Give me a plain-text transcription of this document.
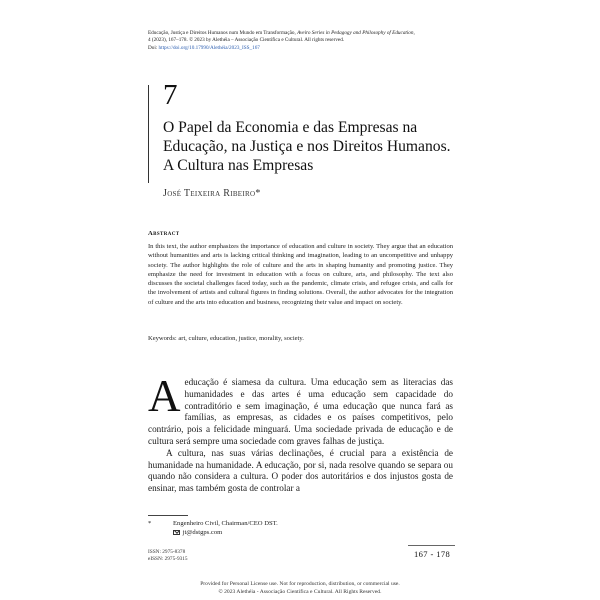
Educação, Justiça e Direitos Humanos num Mundo em Transformação, Aveiro Series in Pedagogy and Philosophy of Education,
4 (2023), 167–178. © 2023 by Alethéia – Associação Científica e Cultural. All rights reserved.
Doi: https://doi.org/10.17990/Alethéia/2023_ISS_167
7
O Papel da Economia e das Empresas na Educação, na Justiça e nos Direitos Humanos. A Cultura nas Empresas
José Teixeira Ribeiro*
Abstract
In this text, the author emphasizes the importance of education and culture in society. They argue that an education without humanities and arts is lacking critical thinking and imagination, leading to an uncompetitive and unhappy society. The author highlights the role of culture and the arts in shaping humanity and promoting justice. They emphasize the need for investment in education with a focus on culture, arts, and philosophy. The text also discusses the societal challenges faced today, such as the pandemic, climate crisis, and refugee crisis, and calls for the involvement of artists and cultural figures in finding solutions. Overall, the author advocates for the integration of culture and the arts into education and business, recognizing their value and impact on society.
Keywords: art, culture, education, justice, morality, society.

A educação é siamesa da cultura. Uma educação sem as literacias das humanidades e das artes é uma educação sem capacidade do contraditório e sem imaginação, é uma educação que nunca fará as famílias, as empresas, as cidades e os países competitivos, pelo contrário, pois a felicidade minguará. Uma sociedade privada de educação e de cultura será sempre uma sociedade com graves falhas de justiça.

A cultura, nas suas várias declinações, é crucial para a existência de humanidade na humanidade. A educação, por si, nada resolve quando se separa ou quando não considera a cultura. O poder dos autoritários e dos injustos gosta de ensinar, mas também gosta de controlar a

*	Engenheiro Civil, Chairman/CEO DST.
jt@dstgps.com
ISSN: 2975-8378
eISSN: 2975-9315	167 - 178
Provided for Personal License use. Not for reproduction, distribution, or commercial use.
© 2023 Alethéia - Associação Científica e Cultural. All Rights Reserved.
